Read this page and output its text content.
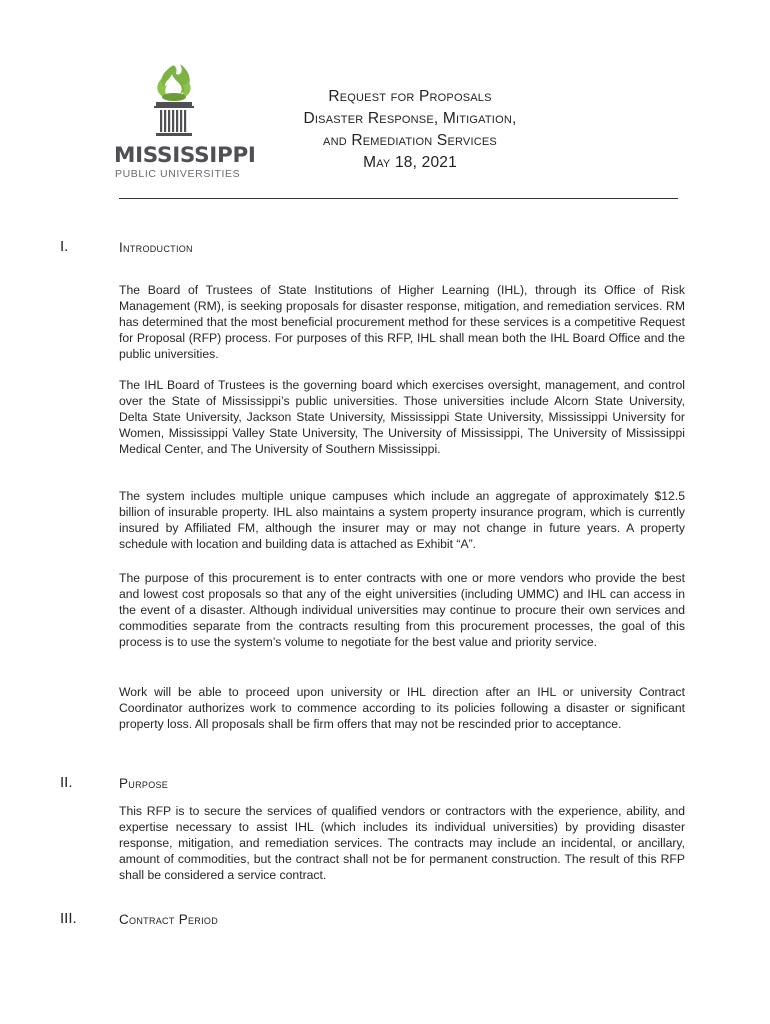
MISSISSIPPI
PUBLIC UNIVERSITIES
Request for Proposals
Disaster Response, Mitigation,
and Remediation Services
May 18, 2021
I.	Introduction
The Board of Trustees of State Institutions of Higher Learning (IHL), through its Office of Risk Management (RM), is seeking proposals for disaster response, mitigation, and remediation services. RM has determined that the most beneficial procurement method for these services is a competitive Request for Proposal (RFP) process. For purposes of this RFP, IHL shall mean both the IHL Board Office and the public universities.
The IHL Board of Trustees is the governing board which exercises oversight, management, and control over the State of Mississippi’s public universities. Those universities include Alcorn State University, Delta State University, Jackson State University, Mississippi State University, Mississippi University for Women, Mississippi Valley State University, The University of Mississippi, The University of Mississippi Medical Center, and The University of Southern Mississippi.
The system includes multiple unique campuses which include an aggregate of approximately $12.5 billion of insurable property. IHL also maintains a system property insurance program, which is currently insured by Affiliated FM, although the insurer may or may not change in future years. A property schedule with location and building data is attached as Exhibit “A”.
The purpose of this procurement is to enter contracts with one or more vendors who provide the best and lowest cost proposals so that any of the eight universities (including UMMC) and IHL can access in the event of a disaster. Although individual universities may continue to procure their own services and commodities separate from the contracts resulting from this procurement processes, the goal of this process is to use the system’s volume to negotiate for the best value and priority service.
Work will be able to proceed upon university or IHL direction after an IHL or university Contract Coordinator authorizes work to commence according to its policies following a disaster or significant property loss. All proposals shall be firm offers that may not be rescinded prior to acceptance.
II.	Purpose
This RFP is to secure the services of qualified vendors or contractors with the experience, ability, and expertise necessary to assist IHL (which includes its individual universities) by providing disaster response, mitigation, and remediation services. The contracts may include an incidental, or ancillary, amount of commodities, but the contract shall not be for permanent construction. The result of this RFP shall be considered a service contract.
III.	Contract Period
